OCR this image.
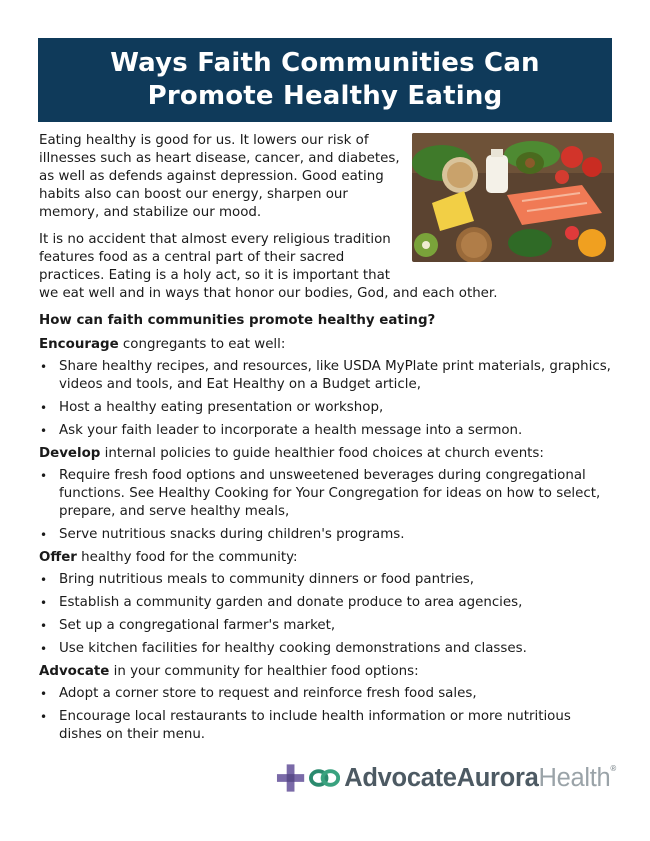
Ways Faith Communities Can
Promote Healthy Eating

Eating healthy is good for us. It lowers our risk of illnesses such as heart disease, cancer, and diabetes, as well as defends against depression. Good eating habits also can boost our energy, sharpen our memory, and stabilize our mood.

It is no accident that almost every religious tradition features food as a central part of their sacred practices. Eating is a holy act, so it is important that we eat well and in ways that honor our bodies, God, and each other.

How can faith communities promote healthy eating?

Encourage congregants to eat well:

• Share healthy recipes, and resources, like USDA MyPlate print materials, graphics, videos and tools, and Eat Healthy on a Budget article,
• Host a healthy eating presentation or workshop,
• Ask your faith leader to incorporate a health message into a sermon.

Develop internal policies to guide healthier food choices at church events:

• Require fresh food options and unsweetened beverages during congregational functions. See Healthy Cooking for Your Congregation for ideas on how to select, prepare, and serve healthy meals,
• Serve nutritious snacks during children's programs.

Offer healthy food for the community:

• Bring nutritious meals to community dinners or food pantries,
• Establish a community garden and donate produce to area agencies,
• Set up a congregational farmer's market,
• Use kitchen facilities for healthy cooking demonstrations and classes.

Advocate in your community for healthier food options:

• Adopt a corner store to request and reinforce fresh food sales,
• Encourage local restaurants to include health information or more nutritious dishes on their menu.
AdvocateAuroraHealth®
